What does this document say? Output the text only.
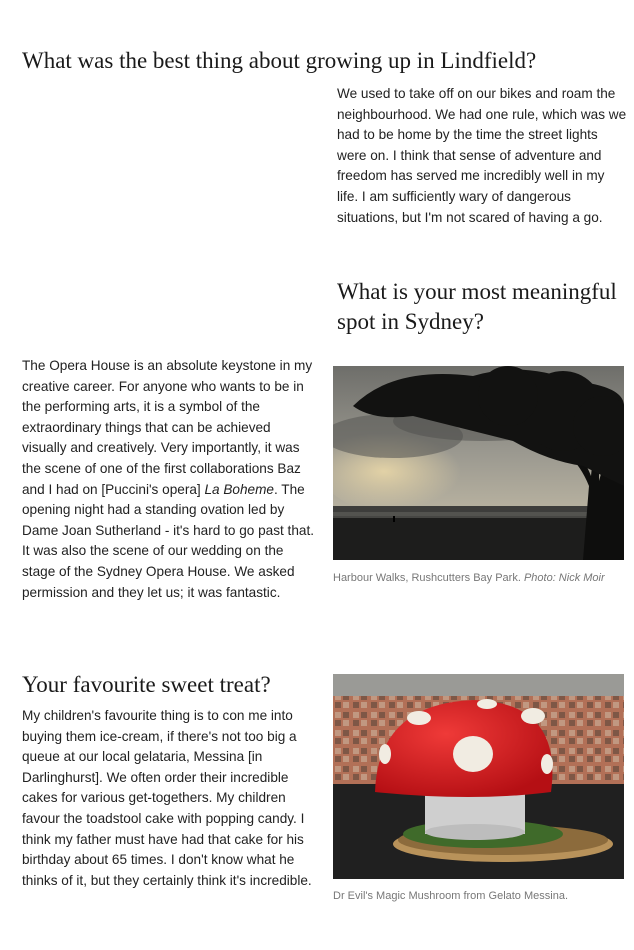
What was the best thing about growing up in Lindfield?

We used to take off on our bikes and roam the neighbourhood. We had one rule, which was we had to be home by the time the street lights were on. I think that sense of adventure and freedom has served me incredibly well in my life. I am sufficiently wary of dangerous situations, but I'm not scared of having a go.

What is your most meaningful spot in Sydney?

The Opera House is an absolute keystone in my creative career. For anyone who wants to be in the performing arts, it is a symbol of the extraordinary things that can be achieved visually and creatively. Very importantly, it was the scene of one of the first collaborations Baz and I had on [Puccini's opera] La Boheme. The opening night had a standing ovation led by Dame Joan Sutherland - it's hard to go past that. It was also the scene of our wedding on the stage of the Sydney Opera House. We asked permission and they let us; it was fantastic.

Harbour Walks, Rushcutters Bay Park. Photo: Nick Moir
Your favourite sweet treat?

My children's favourite thing is to con me into buying them ice-cream, if there's not too big a queue at our local gelataria, Messina [in Darlinghurst]. We often order their incredible cakes for various get-togethers. My children favour the toadstool cake with popping candy. I think my father must have had that cake for his birthday about 65 times. I don't know what he thinks of it, but they certainly think it's incredible.

Dr Evil's Magic Mushroom from Gelato Messina.
